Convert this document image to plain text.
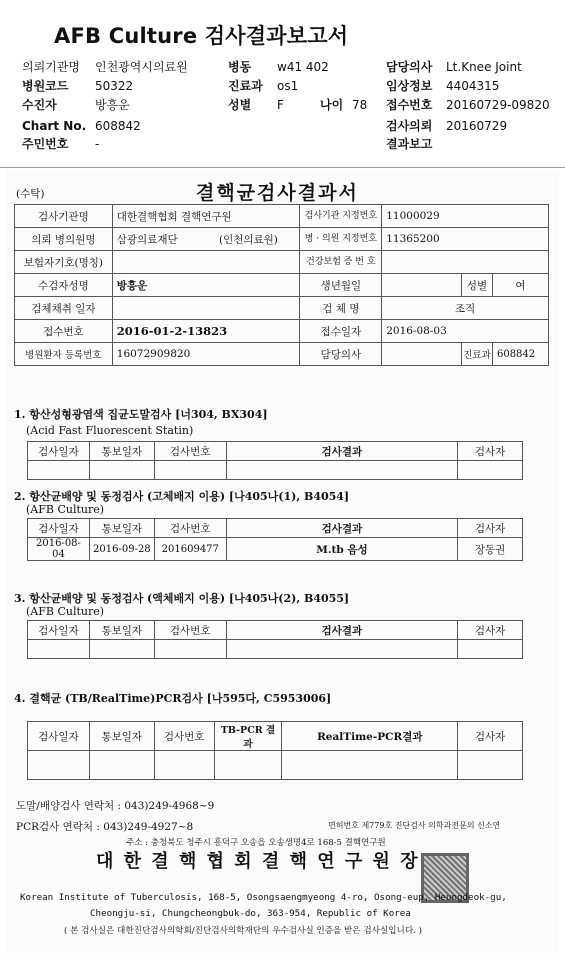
AFB Culture 검사결과보고서
의뢰기관명 인천광역시의료원	병동 w41 402	담당의사 Lt.Knee Joint
병원코드 50322	진료과 os1	임상정보 4404315
수진자	방흥운	성별 F	나이 78 접수번호 20160729-09820
Chart No. 608842	검사의뢰 20160729
주민번호 -	결과보고
(수탁)	결핵균검사결과서
검사기관명	대한결핵협회 결핵연구원	검사기관 지정번호	11000029		
의뢰 병의원명	삼광의료재단 (인천의료원)	병 · 의원 지정번호	11365200		
보험자기호(명칭)		건강보험 증 번 호			
수검자성명	방흥운	생년월일		성별	여
검체채취 일자		검 체 명	조직		
접수번호	2016-01-2-13823	접수일자	2016-08-03		
병원환자 등록번호	16072909820	담당의사		진료과	608842
1. 항산성형광염색 집균도말검사 [너304, BX304]
(Acid Fast Fluorescent Statin)
검사일자	통보일자	검사번호	검사결과	검사자

2. 항산균배양 및 동정검사 (고체배지 이용) [나405나(1), B4054]
(AFB Culture)
검사일자	통보일자	검사번호	검사결과	검사자
2016-08-04	2016-09-28	201609477	M.tb 음성	장동권
3. 항산균배양 및 동정검사 (액체배지 이용) [나405나(2), B4055]
(AFB Culture)
검사일자	통보일자	검사번호	검사결과	검사자

4. 결핵균 (TB/RealTime)PCR검사 [나595다, C5953006]
검사일자	통보일자	검사번호	TB-PCR 결과	RealTime-PCR결과	검사자

도말/배양검사 연락처 : 043)249-4968~9
PCR검사 연락처 : 043)249-4927~8	면허번호 제779호 진단검사 의학과전문의 신소연
주소 : 충청북도 청주시 흥덕구 오송읍 오송생명4로 168-5 결핵연구원
대 한 결 핵 협 회 결 핵 연 구 원 장
Korean Institute of Tuberculosis, 168-5, Osongsaengmyeong 4-ro, Osong-eup, Heungdeok-gu,
Cheongju-si, Chungcheongbuk-do, 363-954, Republic of Korea
( 본 검사실은 대한진단검사의학회/진단검사의학재단의 우수검사실 인증을 받은 검사실입니다. )
